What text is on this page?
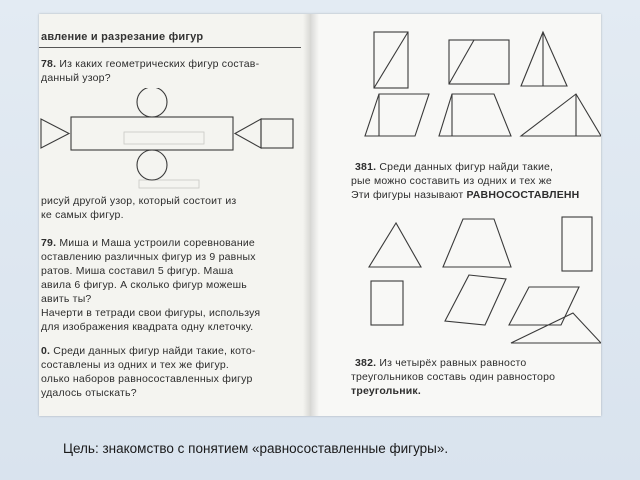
авление и разрезание фигур

78. Из каких геометрических фигур состав-

данный узор?

рисуй другой узор, который состоит из

ке самых фигур.

79. Миша и Маша устроили соревнование

оставлению различных фигур из 9 равных

ратов. Миша составил 5 фигур. Маша

авила 6 фигур. А сколько фигур можешь

авить ты?

Начерти в тетради свои фигуры, используя

для изображения квадрата одну клеточку.

0. Среди данных фигур найди такие, кото-

составлены из одних и тех же фигур.

олько наборов равносоставленных фигур

удалось отыскать?

381. Среди данных фигур найди такие,

рые можно составить из одних и тех же

Эти фигуры называют РАВНОСОСТАВЛЕНН

382. Из четырёх равных равносто

треугольников составь один равносторо

треугольник.

Цель: знакомство с понятием «равносоставленные фигуры».
